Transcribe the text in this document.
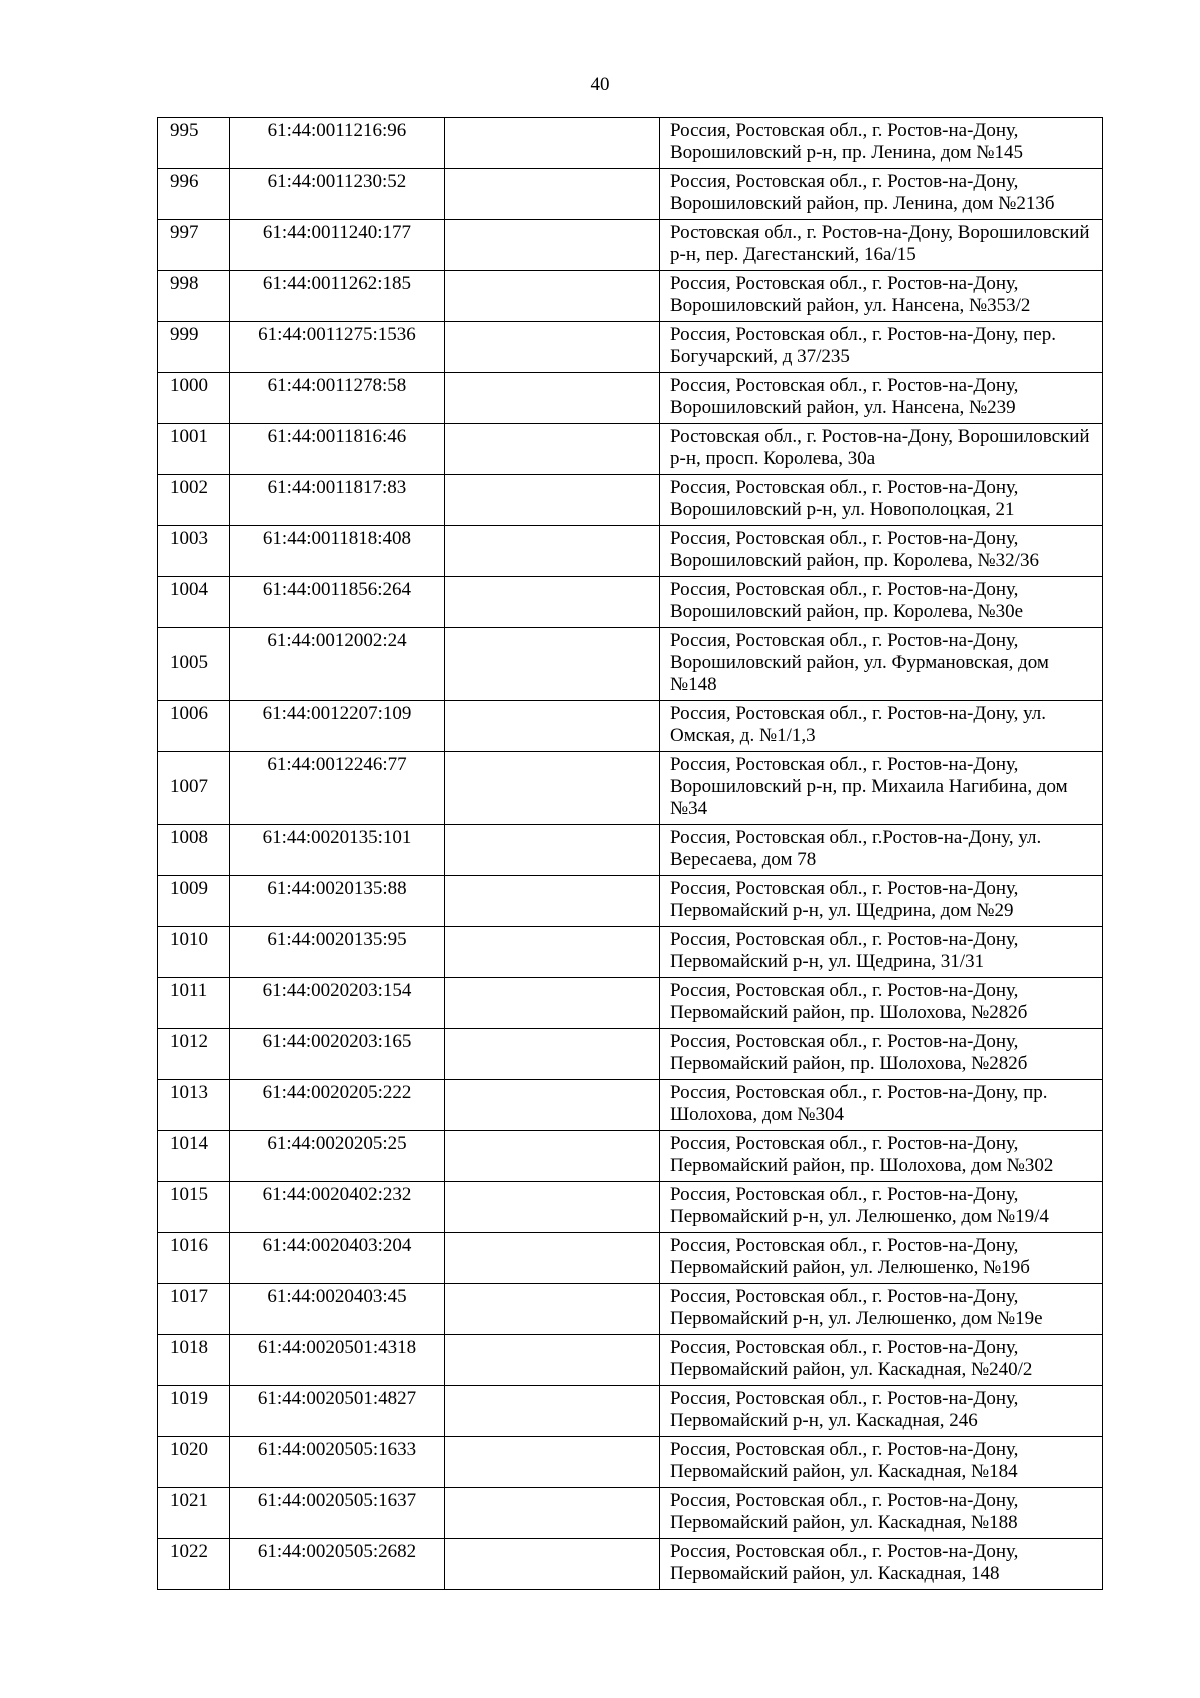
40
995	61:44:0011216:96		Россия, Ростовская обл., г. Ростов-на-Дону, Ворошиловский р-н, пр. Ленина, дом №145
996	61:44:0011230:52		Россия, Ростовская обл., г. Ростов-на-Дону, Ворошиловский район, пр. Ленина, дом №213б
997	61:44:0011240:177		Ростовская обл., г. Ростов-на-Дону, Ворошиловский р-н, пер. Дагестанский, 16а/15
998	61:44:0011262:185		Россия, Ростовская обл., г. Ростов-на-Дону, Ворошиловский район, ул. Нансена, №353/2
999	61:44:0011275:1536		Россия, Ростовская обл., г. Ростов-на-Дону, пер. Богучарский, д 37/235
1000	61:44:0011278:58		Россия, Ростовская обл., г. Ростов-на-Дону, Ворошиловский район, ул. Нансена, №239
1001	61:44:0011816:46		Ростовская обл., г. Ростов-на-Дону, Ворошиловский р-н, просп. Королева, 30а
1002	61:44:0011817:83		Россия, Ростовская обл., г. Ростов-на-Дону, Ворошиловский р-н, ул. Новополоцкая, 21
1003	61:44:0011818:408		Россия, Ростовская обл., г. Ростов-на-Дону, Ворошиловский район, пр. Королева, №32/36
1004	61:44:0011856:264		Россия, Ростовская обл., г. Ростов-на-Дону, Ворошиловский район, пр. Королева, №30е
1005	61:44:0012002:24		Россия, Ростовская обл., г. Ростов-на-Дону, Ворошиловский район, ул. Фурмановская, дом №148
1006	61:44:0012207:109		Россия, Ростовская обл., г. Ростов-на-Дону, ул. Омская, д. №1/1,3
1007	61:44:0012246:77		Россия, Ростовская обл., г. Ростов-на-Дону, Ворошиловский р-н, пр. Михаила Нагибина, дом №34
1008	61:44:0020135:101		Россия, Ростовская обл., г.Ростов-на-Дону, ул. Вересаева, дом 78
1009	61:44:0020135:88		Россия, Ростовская обл., г. Ростов-на-Дону, Первомайский р-н, ул. Щедрина, дом №29
1010	61:44:0020135:95		Россия, Ростовская обл., г. Ростов-на-Дону, Первомайский р-н, ул. Щедрина, 31/31
1011	61:44:0020203:154		Россия, Ростовская обл., г. Ростов-на-Дону, Первомайский район, пр. Шолохова, №282б
1012	61:44:0020203:165		Россия, Ростовская обл., г. Ростов-на-Дону, Первомайский район, пр. Шолохова, №282б
1013	61:44:0020205:222		Россия, Ростовская обл., г. Ростов-на-Дону, пр. Шолохова, дом №304
1014	61:44:0020205:25		Россия, Ростовская обл., г. Ростов-на-Дону, Первомайский район, пр. Шолохова, дом №302
1015	61:44:0020402:232		Россия, Ростовская обл., г. Ростов-на-Дону, Первомайский р-н, ул. Лелюшенко, дом №19/4
1016	61:44:0020403:204		Россия, Ростовская обл., г. Ростов-на-Дону, Первомайский район, ул. Лелюшенко, №19б
1017	61:44:0020403:45		Россия, Ростовская обл., г. Ростов-на-Дону, Первомайский р-н, ул. Лелюшенко, дом №19е
1018	61:44:0020501:4318		Россия, Ростовская обл., г. Ростов-на-Дону, Первомайский район, ул. Каскадная, №240/2
1019	61:44:0020501:4827		Россия, Ростовская обл., г. Ростов-на-Дону, Первомайский р-н, ул. Каскадная, 246
1020	61:44:0020505:1633		Россия, Ростовская обл., г. Ростов-на-Дону, Первомайский район, ул. Каскадная, №184
1021	61:44:0020505:1637		Россия, Ростовская обл., г. Ростов-на-Дону, Первомайский район, ул. Каскадная, №188
1022	61:44:0020505:2682		Россия, Ростовская обл., г. Ростов-на-Дону, Первомайский район, ул. Каскадная, 148
